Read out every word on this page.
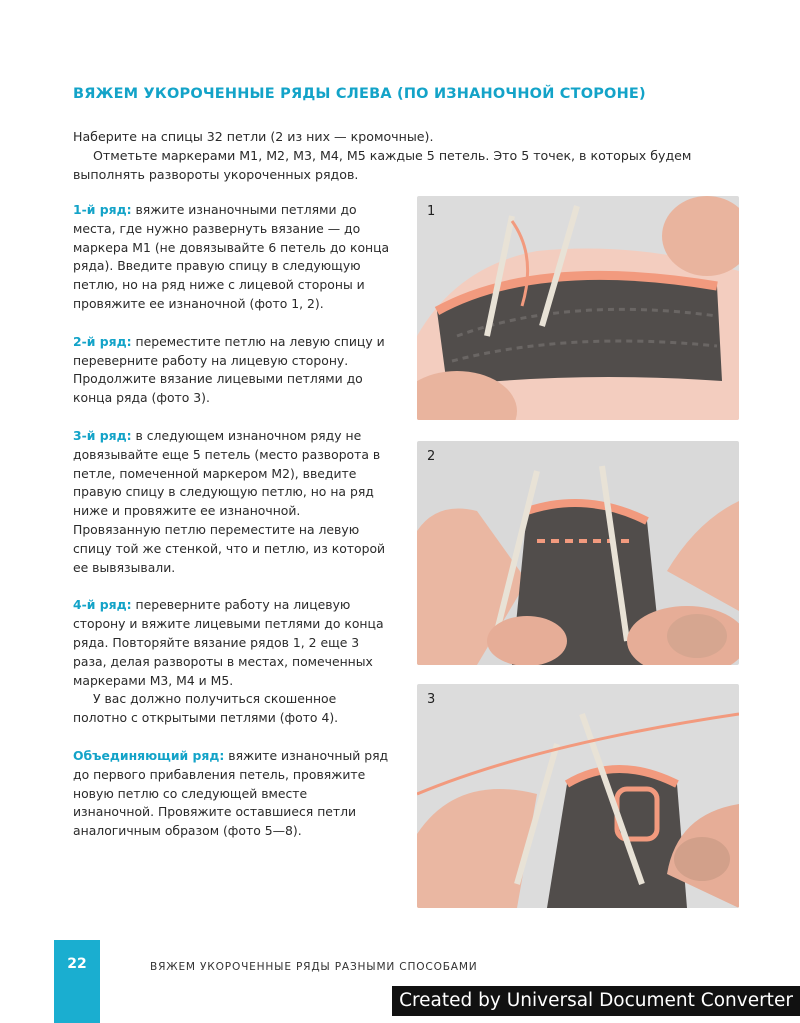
ВЯЖЕМ УКОРОЧЕННЫЕ РЯДЫ СЛЕВА (ПО ИЗНАНОЧНОЙ СТОРОНЕ)

Наберите на спицы 32 петли (2 из них — кромочные).

Отметьте маркерами М1, М2, М3, М4, М5 каждые 5 петель. Это 5 точек, в которых будем выполнять развороты укороченных рядов.

1-й ряд: вяжите изнаночными петлями до места, где нужно развернуть вязание — до маркера М1 (не довязывайте 6 петель до конца ряда). Введите правую спицу в следующую петлю, но на ряд ниже с лицевой стороны и провяжите ее изнаночной (фото 1, 2).

2-й ряд: переместите петлю на левую спицу и переверните работу на лицевую сторону. Продолжите вязание лицевыми петлями до конца ряда (фото 3).

3-й ряд: в следующем изнаночном ряду не довязывайте еще 5 петель (место разворота в петле, помеченной маркером М2), введите правую спицу в следующую петлю, но на ряд ниже и провяжите ее изнаночной. Провязанную петлю переместите на левую спицу той же стенкой, что и петлю, из которой ее вывязывали.

4-й ряд: переверните работу на лицевую сторону и вяжите лицевыми петлями до конца ряда. Повторяйте вязание рядов 1, 2 еще 3 раза, делая развороты в местах, помеченных маркерами М3, М4 и М5.

У вас должно получиться скошенное полотно с открытыми петлями (фото 4).

Объединяющий ряд: вяжите изнаночный ряд до первого прибавления петель, провяжите новую петлю со следующей вместе изнаночной. Провяжите оставшиеся петли аналогичным образом (фото 5—8).

1
2
3
22	ВЯЖЕМ УКОРОЧЕННЫЕ РЯДЫ РАЗНЫМИ СПОСОБАМИ
Created by Universal Document Converter
